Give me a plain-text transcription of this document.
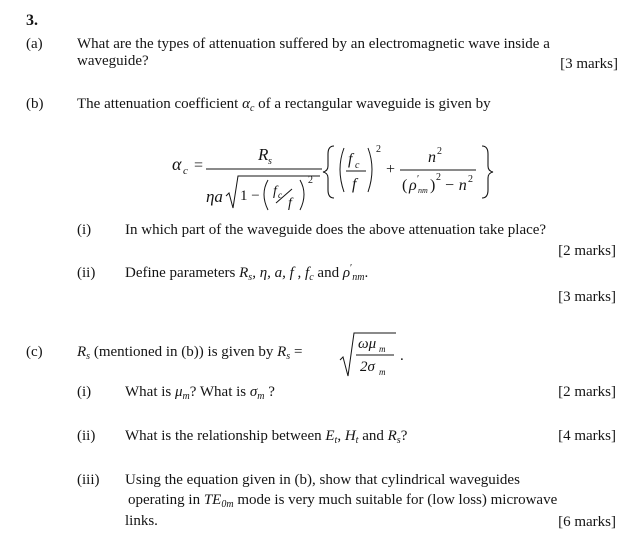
3.
(a) What are the types of attenuation suffered by an electromagnetic wave inside a
waveguide?	[3 marks]
(b) The attenuation coefficient $\alpha_c$ of a rectangular waveguide is given by
α c =
R s
ηa 1 − f c
f
2
f c
f
2
+
n 2
( ρ ′
nm ) 2 − n 2
(i) In which part of the waveguide does the above attenuation take place?
[2 marks]
(ii) Define parameters $R_s$, η, a, f , $f_c$ and $\rho'_{nm}$.
[3 marks]
(c) $R_s$ (mentioned in (b)) is given by $R_s$ =	ωμ m
2σ m
.
(i) What is $\mu_m$? What is $\sigma_m$ ?	[2 marks]
(ii) What is the relationship between $E_t$, $H_t$ and $R_s$?	[4 marks]
(iii) Using the equation given in (b), show that cylindrical waveguides
operating in $TE_{0m}$ mode is very much suitable for (low loss) microwave
links.	[6 marks]
